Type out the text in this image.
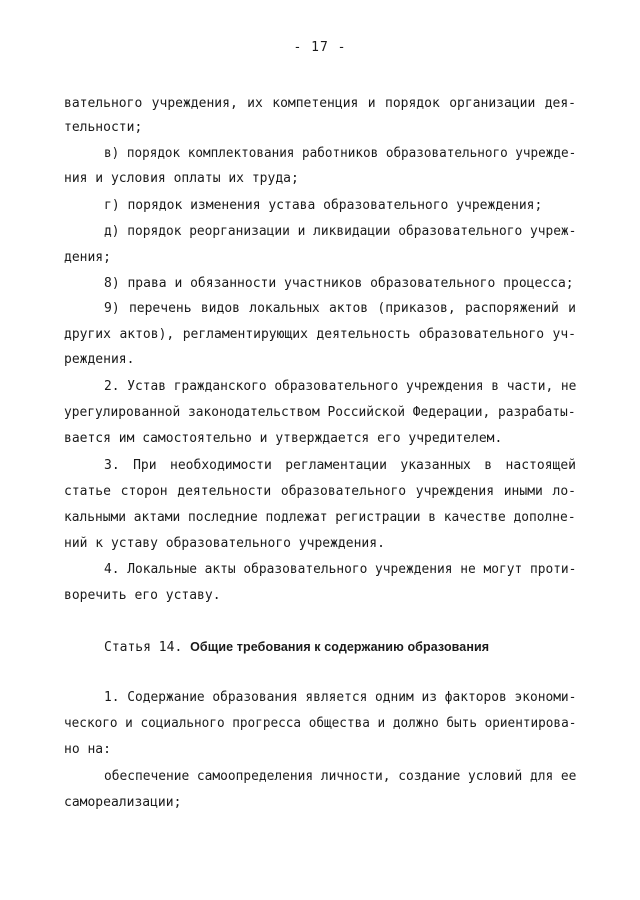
- 17 -
вательного учреждения, их компетенция и порядок организации дея-
тельности;
в) порядок комплектования работников образовательного учрежде-
ния и условия оплаты их труда;
г) порядок изменения устава образовательного учреждения;
д) порядок реорганизации и ликвидации образовательного учреж-
дения;
8) права и обязанности участников образовательного процесса;
9) перечень видов локальных актов (приказов, распоряжений и
других актов), регламентирующих деятельность образовательного уч-
реждения.
2. Устав гражданского образовательного учреждения в части, не
урегулированной законодательством Российской Федерации, разрабаты-
вается им самостоятельно и утверждается его учредителем.
3. При необходимости регламентации указанных в настоящей
статье сторон деятельности образовательного учреждения иными ло-
кальными актами последние подлежат регистрации в качестве дополне-
ний к уставу образовательного учреждения.
4. Локальные акты образовательного учреждения не могут проти-
воречить его уставу.
Статья 14. Общие требования к содержанию образования
1. Содержание образования является одним из факторов экономи-
ческого и социального прогресса общества и должно быть ориентирова-
но на:
обеспечение самоопределения личности, создание условий для ее
самореализации;
